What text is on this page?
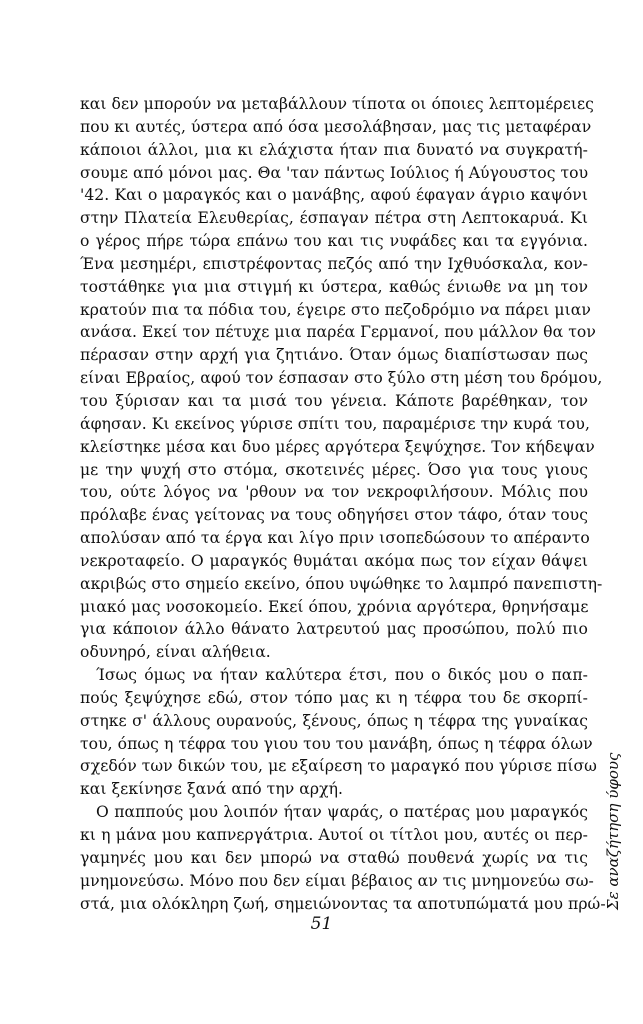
και δεν μπορούν να μεταβάλλουν τίποτα οι όποιες λεπτομέρειες
που κι αυτές, ύστερα από όσα μεσολάβησαν, μας τις μεταφέραν
κάποιοι άλλοι, μια κι ελάχιστα ήταν πια δυνατό να συγκρατή-
σουμε από μόνοι μας. Θα 'ταν πάντως Ιούλιος ή Αύγουστος του
'42. Και ο μαραγκός και ο μανάβης, αφού έφαγαν άγριο καψόνι
στην Πλατεία Ελευθερίας, έσπαγαν πέτρα στη Λεπτοκαρυά. Κι
ο γέρος πήρε τώρα επάνω του και τις νυφάδες και τα εγγόνια.
Ένα μεσημέρι, επιστρέφοντας πεζός από την Ιχθυόσκαλα, κον-
τοστάθηκε για μια στιγμή κι ύστερα, καθώς ένιωθε να μη τον
κρατούν πια τα πόδια του, έγειρε στο πεζοδρόμιο να πάρει μιαν
ανάσα. Εκεί τον πέτυχε μια παρέα Γερμανοί, που μάλλον θα τον
πέρασαν στην αρχή για ζητιάνο. Όταν όμως διαπίστωσαν πως
είναι Εβραίος, αφού τον έσπασαν στο ξύλο στη μέση του δρόμου,
του ξύρισαν και τα μισά του γένεια. Κάποτε βαρέθηκαν, τον
άφησαν. Κι εκείνος γύρισε σπίτι του, παραμέρισε την κυρά του,
κλείστηκε μέσα και δυο μέρες αργότερα ξεψύχησε. Τον κήδεψαν
με την ψυχή στο στόμα, σκοτεινές μέρες. Όσο για τους γιους
του, ούτε λόγος να 'ρθουν να τον νεκροφιλήσουν. Μόλις που
πρόλαβε ένας γείτονας να τους οδηγήσει στον τάφο, όταν τους
απολύσαν από τα έργα και λίγο πριν ισοπεδώσουν το απέραντο
νεκροταφείο. Ο μαραγκός θυμάται ακόμα πως τον είχαν θάψει
ακριβώς στο σημείο εκείνο, όπου υψώθηκε το λαμπρό πανεπιστη-
μιακό μας νοσοκομείο. Εκεί όπου, χρόνια αργότερα, θρηνήσαμε
για κάποιον άλλο θάνατο λατρευτού μας προσώπου, πολύ πιο
οδυνηρό, είναι αλήθεια.
Ίσως όμως να ήταν καλύτερα έτσι, που ο δικός μου ο παπ-
πούς ξεψύχησε εδώ, στον τόπο μας κι η τέφρα του δε σκορπί-
στηκε σ' άλλους ουρανούς, ξένους, όπως η τέφρα της γυναίκας
του, όπως η τέφρα του γιου του του μανάβη, όπως η τέφρα όλων
σχεδόν των δικών του, με εξαίρεση το μαραγκό που γύρισε πίσω
και ξεκίνησε ξανά από την αρχή.
Ο παππούς μου λοιπόν ήταν ψαράς, ο πατέρας μου μαραγκός
κι η μάνα μου καπνεργάτρια. Αυτοί οι τίτλοι μου, αυτές οι περ-
γαμηνές μου και δεν μπορώ να σταθώ πουθενά χωρίς να τις
μνημονεύσω. Μόνο που δεν είμαι βέβαιος αν τις μνημονεύω σω-
στά, μια ολόκληρη ζωή, σημειώνοντας τα αποτυπώματά μου πρώ-
51
Σε αναζήτηση ύφους
